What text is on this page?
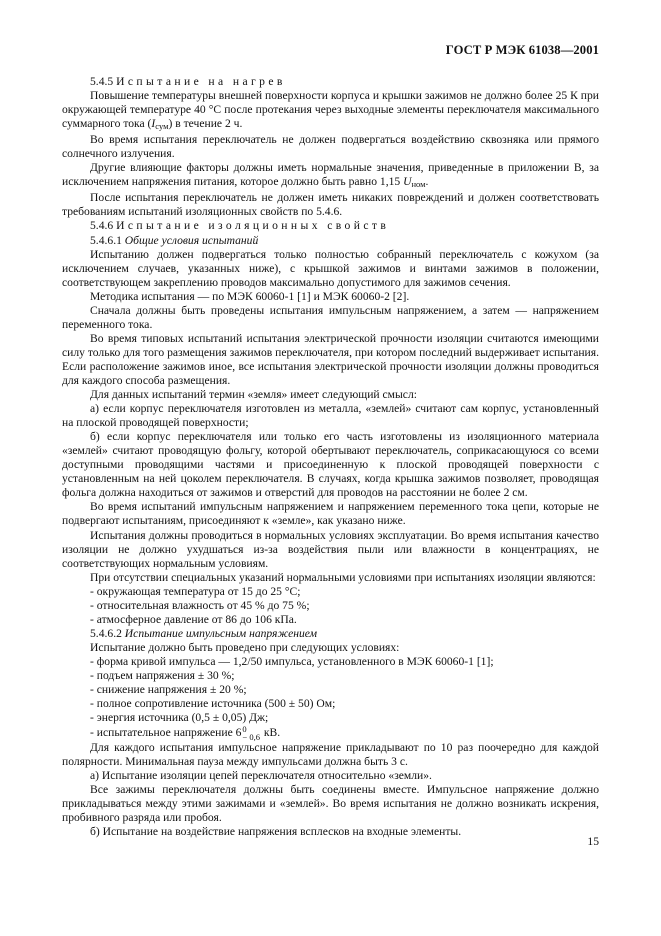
ГОСТ Р МЭК 61038—2001

5.4.5 Испытание на нагрев

Повышение температуры внешней поверхности корпуса и крышки зажимов не должно более 25 К при окружающей температуре 40 °С после протекания через выходные элементы переключателя максимального суммарного тока $(I_{сум})$ в течение 2 ч.

Во время испытания переключатель не должен подвергаться воздействию сквозняка или прямого солнечного излучения.

Другие влияющие факторы должны иметь нормальные значения, приведенные в приложении В, за исключением напряжения питания, которое должно быть равно 1,15 $U_{ном}$.

После испытания переключатель не должен иметь никаких повреждений и должен соответствовать требованиям испытаний изоляционных свойств по 5.4.6.

5.4.6 Испытание изоляционных свойств

5.4.6.1 Общие условия испытаний

Испытанию должен подвергаться только полностью собранный переключатель с кожухом (за исключением случаев, указанных ниже), с крышкой зажимов и винтами зажимов в положении, соответствующем закреплению проводов максимально допустимого для зажимов сечения.

Методика испытания — по МЭК 60060-1 [1] и МЭК 60060-2 [2].

Сначала должны быть проведены испытания импульсным напряжением, а затем — напряжением переменного тока.

Во время типовых испытаний испытания электрической прочности изоляции считаются имеющими силу только для того размещения зажимов переключателя, при котором последний выдерживает испытания. Если расположение зажимов иное, все испытания электрической прочности изоляции должны проводиться для каждого способа размещения.

Для данных испытаний термин «земля» имеет следующий смысл:

а) если корпус переключателя изготовлен из металла, «землей» считают сам корпус, установленный на плоской проводящей поверхности;

б) если корпус переключателя или только его часть изготовлены из изоляционного материала «землей» считают проводящую фольгу, которой обертывают переключатель, соприкасающуюся со всеми доступными проводящими частями и присоединенную к плоской проводящей поверхности с установленным на ней цоколем переключателя. В случаях, когда крышка зажимов позволяет, проводящая фольга должна находиться от зажимов и отверстий для проводов на расстоянии не более 2 см.

Во время испытаний импульсным напряжением и напряжением переменного тока цепи, которые не подвергают испытаниям, присоединяют к «земле», как указано ниже.

Испытания должны проводиться в нормальных условиях эксплуатации. Во время испытания качество изоляции не должно ухудшаться из-за воздействия пыли или влажности в концентрациях, не соответствующих нормальным условиям.

При отсутствии специальных указаний нормальными условиями при испытаниях изоляции являются:

- окружающая температура от 15 до 25 °С;

- относительная влажность от 45 % до 75 %;

- атмосферное давление от 86 до 106 кПа.

5.4.6.2 Испытание импульсным напряжением

Испытание должно быть проведено при следующих условиях:

- форма кривой импульса — 1,2/50 импульса, установленного в МЭК 60060-1 [1];

- подъем напряжения ± 30 %;

- снижение напряжения ± 20 %;

- полное сопротивление источника (500 ± 50) Ом;

- энергия источника (0,5 ± 0,05) Дж;

- испытательное напряжение 6 0
− 0,6 кВ.

Для каждого испытания импульсное напряжение прикладывают по 10 раз поочередно для каждой полярности. Минимальная пауза между импульсами должна быть 3 с.

а) Испытание изоляции цепей переключателя относительно «земли».

Все зажимы переключателя должны быть соединены вместе. Импульсное напряжение должно прикладываться между этими зажимами и «землей». Во время испытания не должно возникать искрения, пробивного разряда или пробоя.

б) Испытание на воздействие напряжения всплесков на входные элементы.

15
